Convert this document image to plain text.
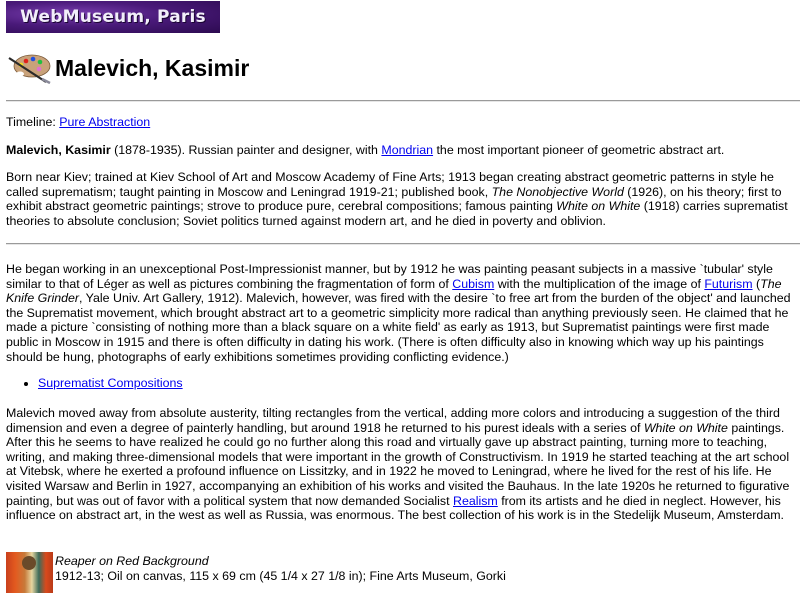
WebMuseum, Paris
Malevich, Kasimir

Timeline: Pure Abstraction

Malevich, Kasimir (1878-1935). Russian painter and designer, with Mondrian the most important pioneer of geometric abstract art.

Born near Kiev; trained at Kiev School of Art and Moscow Academy of Fine Arts; 1913 began creating abstract geometric patterns in style he called suprematism; taught painting in Moscow and Leningrad 1919-21; published book, The Nonobjective World (1926), on his theory; first to exhibit abstract geometric paintings; strove to produce pure, cerebral compositions; famous painting White on White (1918) carries suprematist theories to absolute conclusion; Soviet politics turned against modern art, and he died in poverty and oblivion.

He began working in an unexceptional Post-Impressionist manner, but by 1912 he was painting peasant subjects in a massive `tubular' style similar to that of Léger as well as pictures combining the fragmentation of form of Cubism with the multiplication of the image of Futurism (The Knife Grinder, Yale Univ. Art Gallery, 1912). Malevich, however, was fired with the desire `to free art from the burden of the object' and launched the Suprematist movement, which brought abstract art to a geometric simplicity more radical than anything previously seen. He claimed that he made a picture `consisting of nothing more than a black square on a white field' as early as 1913, but Suprematist paintings were first made public in Moscow in 1915 and there is often difficulty in dating his work. (There is often difficulty also in knowing which way up his paintings should be hung, photographs of early exhibitions sometimes providing conflicting evidence.)

• Suprematist Compositions

Malevich moved away from absolute austerity, tilting rectangles from the vertical, adding more colors and introducing a suggestion of the third dimension and even a degree of painterly handling, but around 1918 he returned to his purest ideals with a series of White on White paintings. After this he seems to have realized he could go no further along this road and virtually gave up abstract painting, turning more to teaching, writing, and making three-dimensional models that were important in the growth of Constructivism. In 1919 he started teaching at the art school at Vitebsk, where he exerted a profound influence on Lissitzky, and in 1922 he moved to Leningrad, where he lived for the rest of his life. He visited Warsaw and Berlin in 1927, accompanying an exhibition of his works and visited the Bauhaus. In the late 1920s he returned to figurative painting, but was out of favor with a political system that now demanded Socialist Realism from its artists and he died in neglect. However, his influence on abstract art, in the west as well as Russia, was enormous. The best collection of his work is in the Stedelijk Museum, Amsterdam.

Reaper on Red Background
1912-13; Oil on canvas, 115 x 69 cm (45 1/4 x 27 1/8 in); Fine Arts Museum, Gorki
